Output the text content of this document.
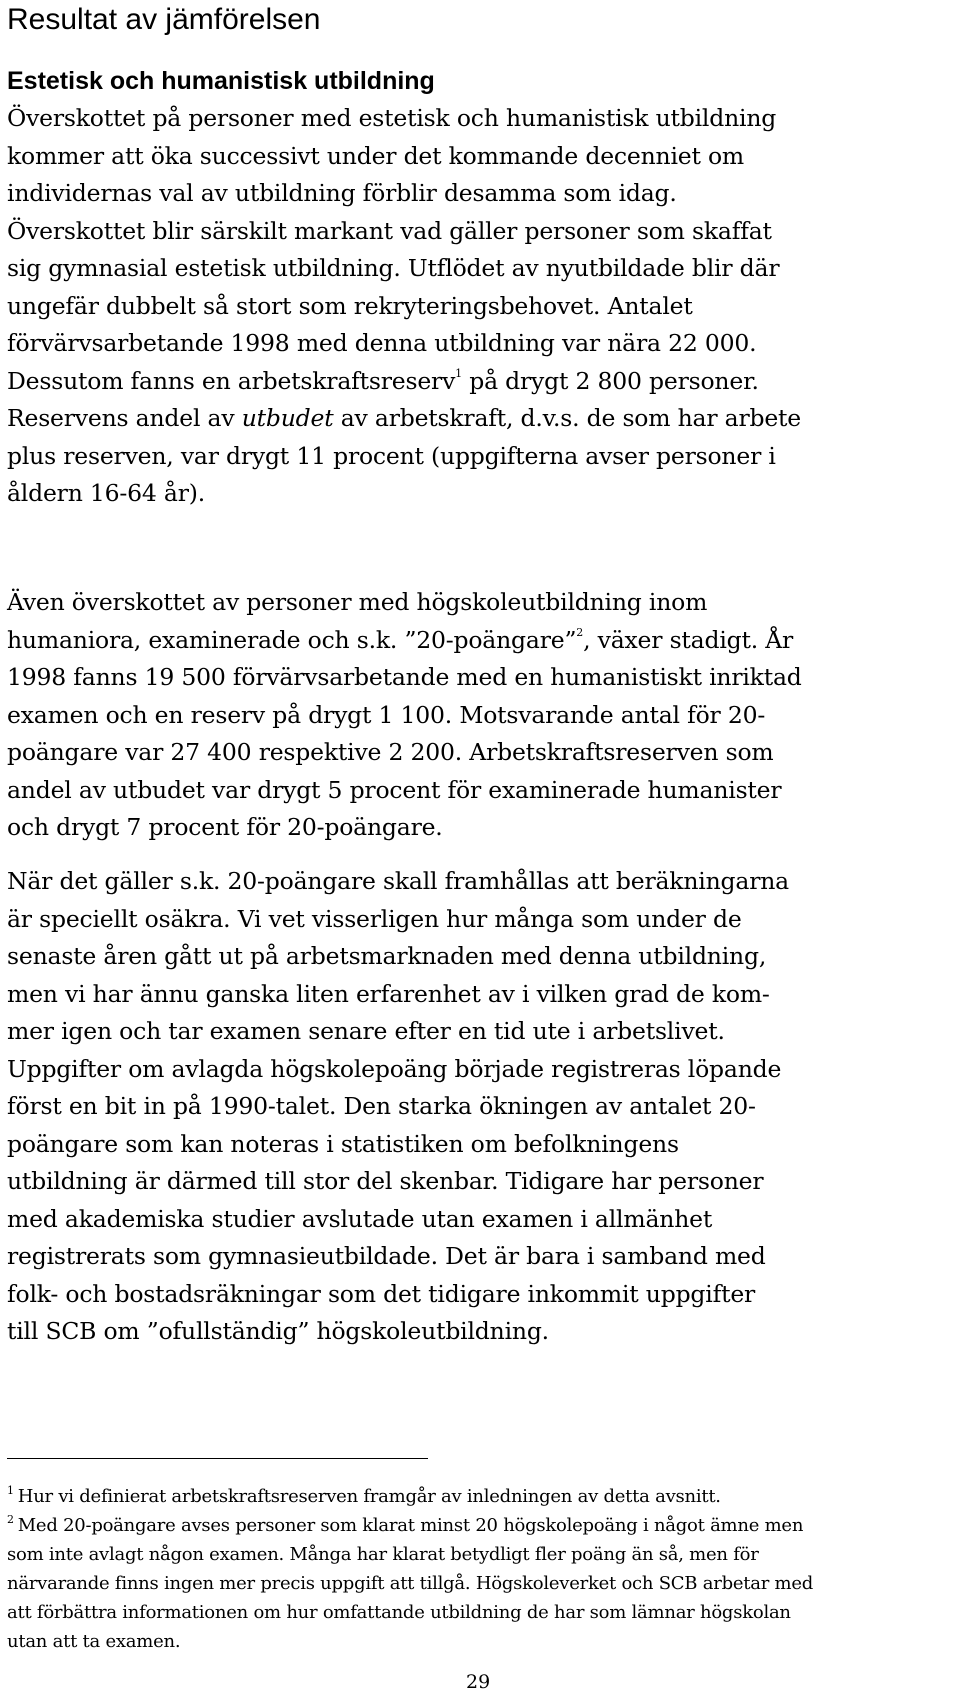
Resultat av jämförelsen
Estetisk och humanistisk utbildning
Överskottet på personer med estetisk och humanistisk utbildning
kommer att öka successivt under det kommande decenniet om
individernas val av utbildning förblir desamma som idag.
Överskottet blir särskilt markant vad gäller personer som skaffat
sig gymnasial estetisk utbildning. Utflödet av nyutbildade blir där
ungefär dubbelt så stort som rekryteringsbehovet. Antalet
förvärvsarbetande 1998 med denna utbildning var nära 22 000.
Dessutom fanns en arbetskraftsreserv$^1$ på drygt 2 800 personer.
Reservens andel av utbudet av arbetskraft, d.v.s. de som har arbete
plus reserven, var drygt 11 procent (uppgifterna avser personer i
åldern 16-64 år).
Även överskottet av personer med högskoleutbildning inom
humaniora, examinerade och s.k. ”20-poängare”$^2$, växer stadigt. År
1998 fanns 19 500 förvärvsarbetande med en humanistiskt inriktad
examen och en reserv på drygt 1 100. Motsvarande antal för 20-
poängare var 27 400 respektive 2 200. Arbetskraftsreserven som
andel av utbudet var drygt 5 procent för examinerade humanister
och drygt 7 procent för 20-poängare.
När det gäller s.k. 20-poängare skall framhållas att beräkningarna
är speciellt osäkra. Vi vet visserligen hur många som under de
senaste åren gått ut på arbetsmarknaden med denna utbildning,
men vi har ännu ganska liten erfarenhet av i vilken grad de kom-
mer igen och tar examen senare efter en tid ute i arbetslivet.
Uppgifter om avlagda högskolepoäng började registreras löpande
först en bit in på 1990-talet. Den starka ökningen av antalet 20-
poängare som kan noteras i statistiken om befolkningens
utbildning är därmed till stor del skenbar. Tidigare har personer
med akademiska studier avslutade utan examen i allmänhet
registrerats som gymnasieutbildade. Det är bara i samband med
folk- och bostadsräkningar som det tidigare inkommit uppgifter
till SCB om ”ofullständig” högskoleutbildning.
$^1$ Hur vi definierat arbetskraftsreserven framgår av inledningen av detta avsnitt.
$^2$ Med 20-poängare avses personer som klarat minst 20 högskolepoäng i något ämne men
som inte avlagt någon examen. Många har klarat betydligt fler poäng än så, men för
närvarande finns ingen mer precis uppgift att tillgå. Högskoleverket och SCB arbetar med
att förbättra informationen om hur omfattande utbildning de har som lämnar högskolan
utan att ta examen.
29
